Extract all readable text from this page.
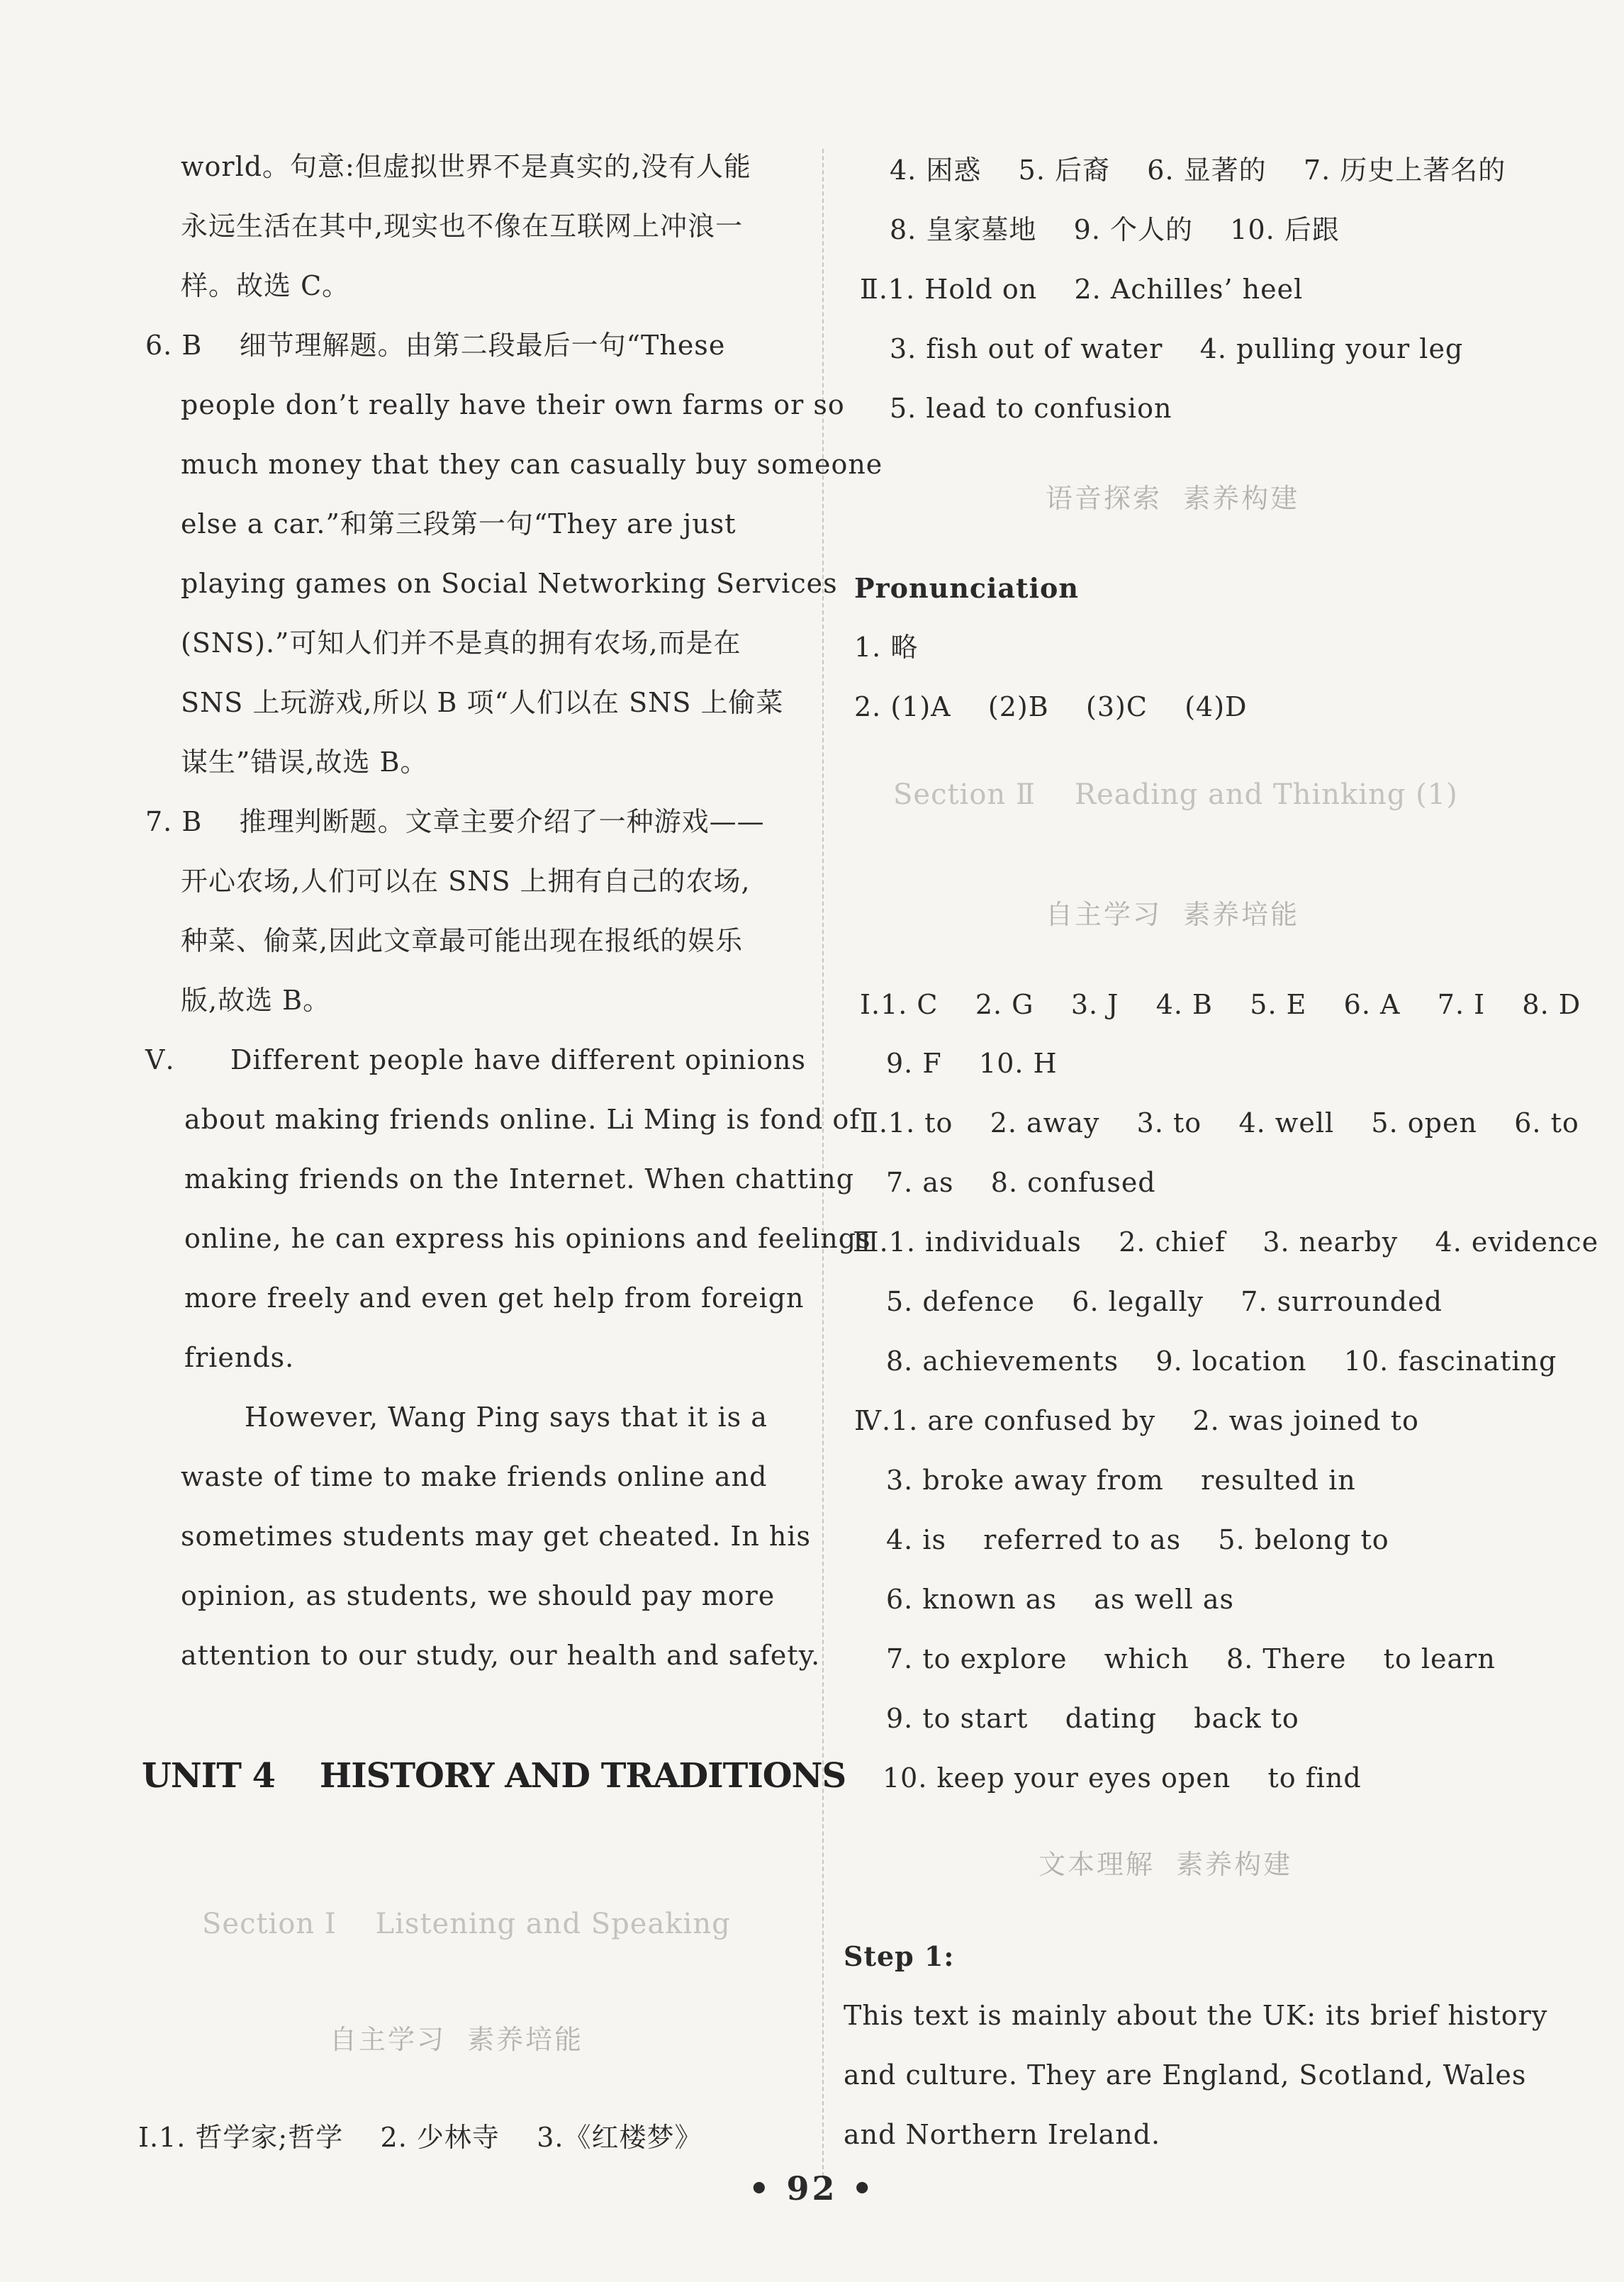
world。句意:但虚拟世界不是真实的,没有人能
永远生活在其中,现实也不像在互联网上冲浪一
样。故选 C。
6. B    细节理解题。由第二段最后一句“These
people don’t really have their own farms or so
much money that they can casually buy someone
else a car.”和第三段第一句“They are just
playing games on Social Networking Services
(SNS).”可知人们并不是真的拥有农场,而是在
SNS 上玩游戏,所以 B 项“人们以在 SNS 上偷菜
谋生”错误,故选 B。
7. B    推理判断题。文章主要介绍了一种游戏——
开心农场,人们可以在 SNS 上拥有自己的农场,
种菜、偷菜,因此文章最可能出现在报纸的娱乐
版,故选 B。
Ⅴ.      Different people have different opinions
about making friends online. Li Ming is fond of
making friends on the Internet. When chatting
online, he can express his opinions and feelings
more freely and even get help from foreign
friends.
However, Wang Ping says that it is a
waste of time to make friends online and
sometimes students may get cheated. In his
opinion, as students, we should pay more
attention to our study, our health and safety.
UNIT 4    HISTORY AND TRADITIONS
Section Ⅰ    Listening and Speaking
自主学习  素养培能
Ⅰ.1. 哲学家;哲学    2. 少林寺    3.《红楼梦》
4. 困惑    5. 后裔    6. 显著的    7. 历史上著名的
8. 皇家墓地    9. 个人的    10. 后跟
Ⅱ.1. Hold on    2. Achilles’ heel
3. fish out of water    4. pulling your leg
5. lead to confusion
语音探索  素养构建
Pronunciation
1. 略
2. (1)A    (2)B    (3)C    (4)D
Section Ⅱ    Reading and Thinking (1)
自主学习  素养培能
Ⅰ.1. C    2. G    3. J    4. B    5. E    6. A    7. I    8. D
9. F    10. H
Ⅱ.1. to    2. away    3. to    4. well    5. open    6. to
7. as    8. confused
Ⅲ.1. individuals    2. chief    3. nearby    4. evidence
5. defence    6. legally    7. surrounded
8. achievements    9. location    10. fascinating
Ⅳ.1. are confused by    2. was joined to
3. broke away from    resulted in
4. is    referred to as    5. belong to
6. known as    as well as
7. to explore    which    8. There    to learn
9. to start    dating    back to
10. keep your eyes open    to find
文本理解  素养构建
Step 1:
This text is mainly about the UK: its brief history
and culture. They are England, Scotland, Wales
and Northern Ireland.
• 92 •
